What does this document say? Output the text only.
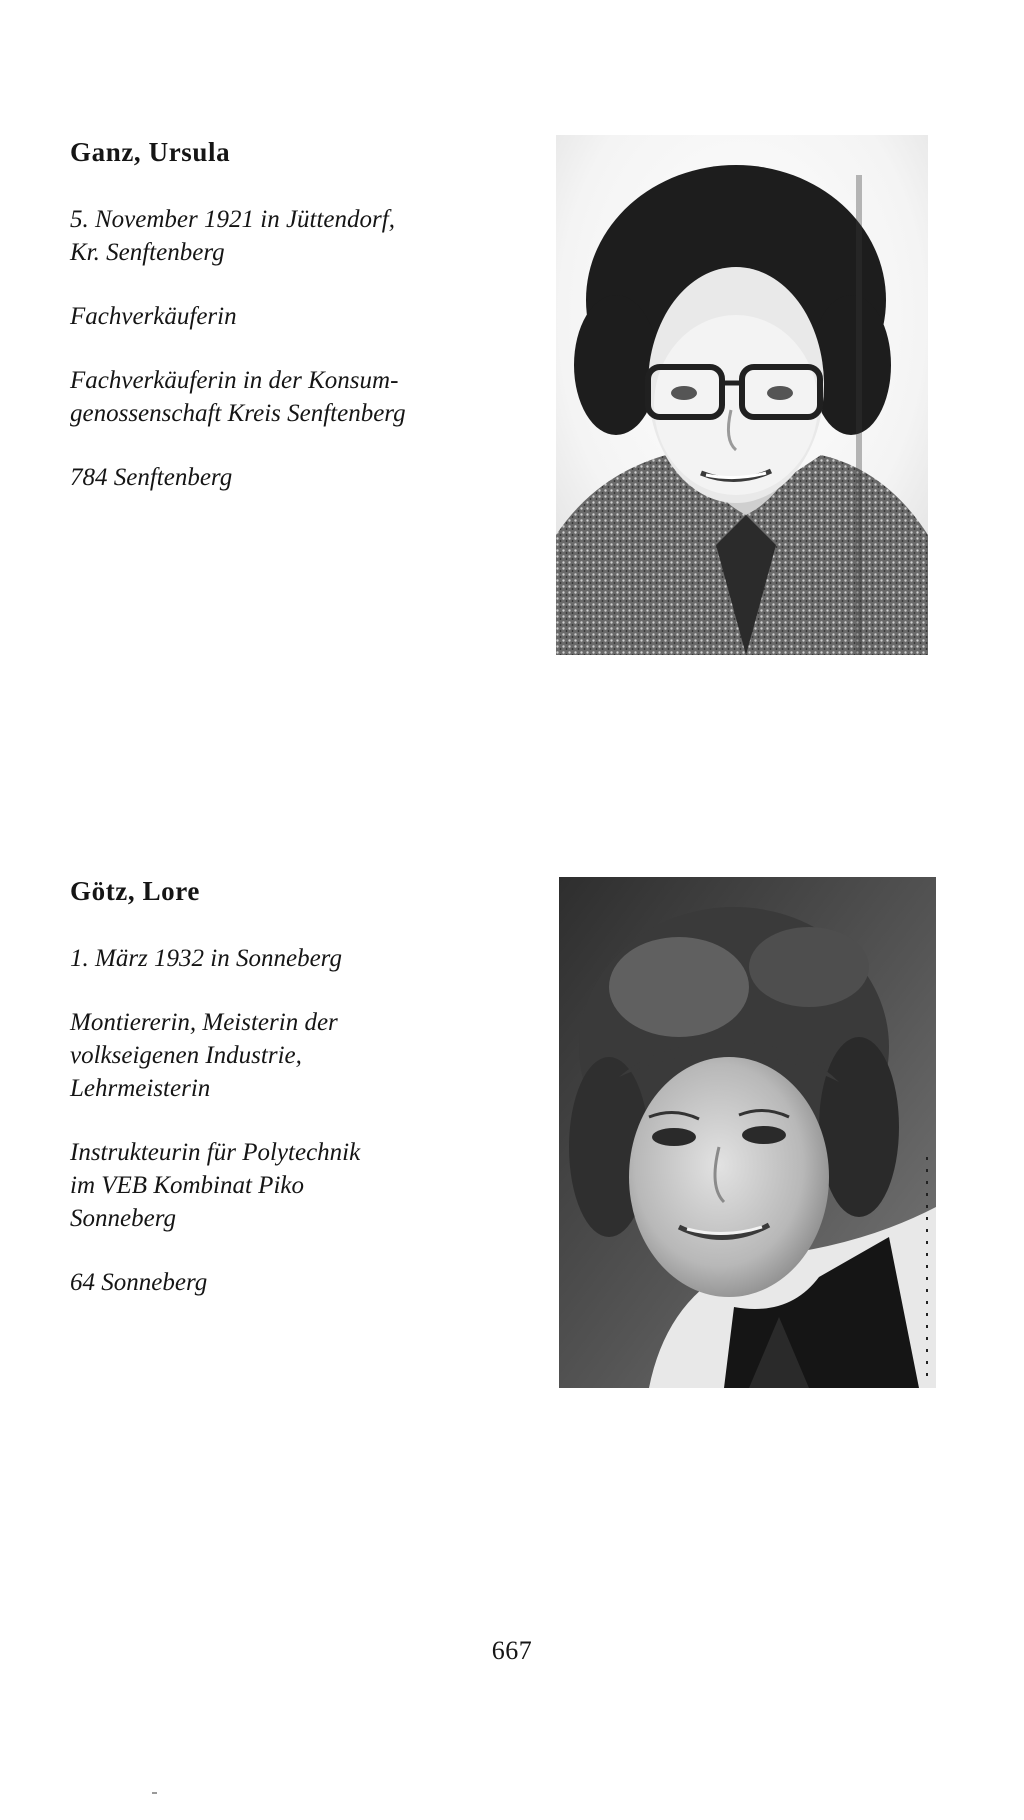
Ganz, Ursula

5. November 1921 in Jüttendorf,

Kr. Senftenberg

Fachverkäuferin

Fachverkäuferin in der Konsum-

genossenschaft Kreis Senftenberg

784 Senftenberg

Götz, Lore

1. März 1932 in Sonneberg

Montiererin, Meisterin der

volkseigenen Industrie,

Lehrmeisterin

Instrukteurin für Polytechnik

im VEB Kombinat Piko

Sonneberg

64 Sonneberg

667
